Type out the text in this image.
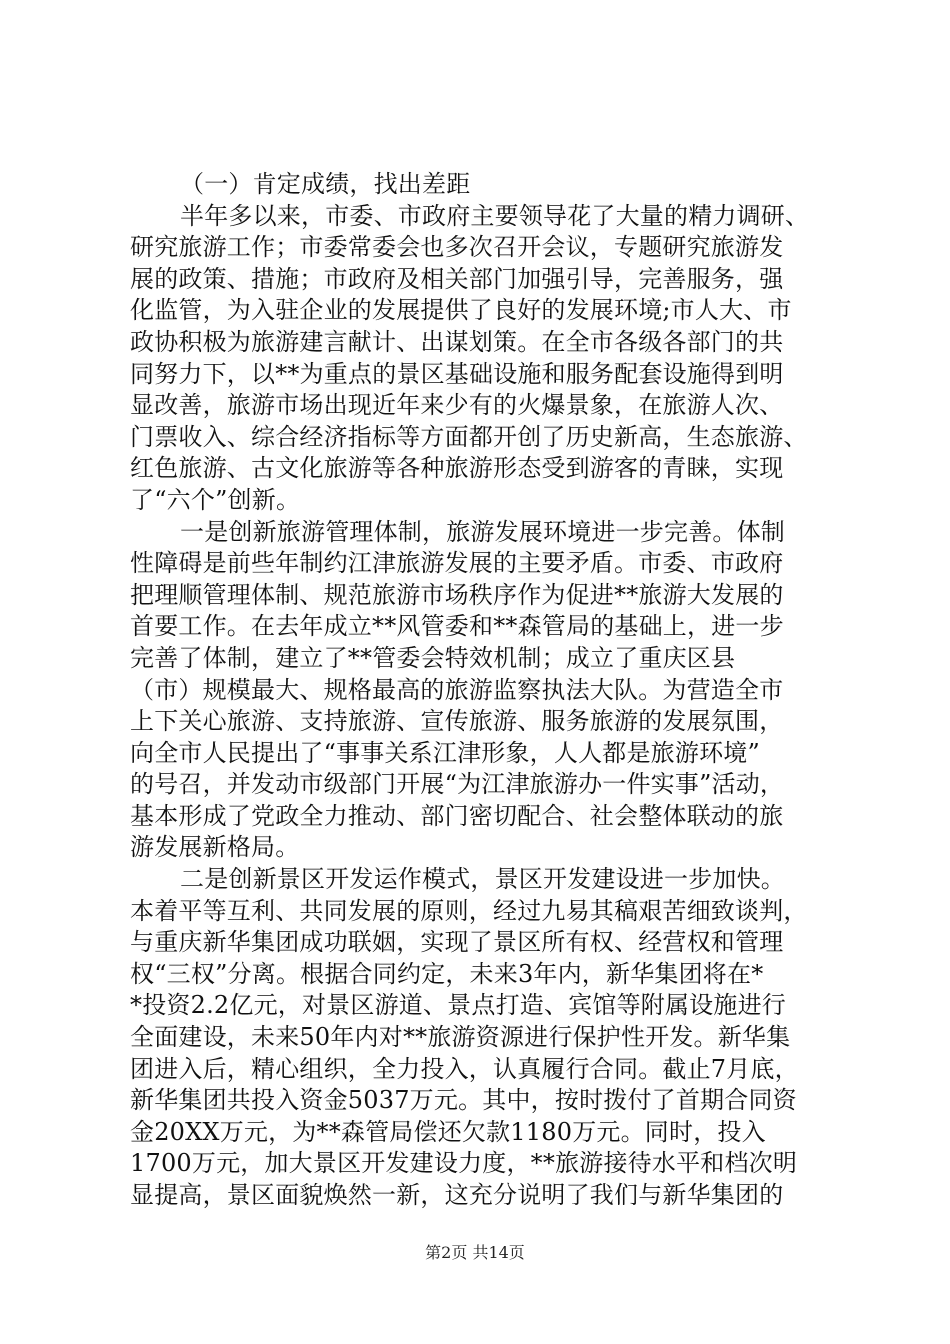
（一）肯定成绩，找出差距
半年多以来，市委、市政府主要领导花了大量的精力调研、
研究旅游工作；市委常委会也多次召开会议，专题研究旅游发
展的政策、措施；市政府及相关部门加强引导，完善服务，强
化监管，为入驻企业的发展提供了良好的发展环境;市人大、市
政协积极为旅游建言献计、出谋划策。在全市各级各部门的共
同努力下，以**为重点的景区基础设施和服务配套设施得到明
显改善，旅游市场出现近年来少有的火爆景象，在旅游人次、
门票收入、综合经济指标等方面都开创了历史新高，生态旅游、
红色旅游、古文化旅游等各种旅游形态受到游客的青睐，实现
了“六个”创新。
一是创新旅游管理体制，旅游发展环境进一步完善。体制
性障碍是前些年制约江津旅游发展的主要矛盾。市委、市政府
把理顺管理体制、规范旅游市场秩序作为促进**旅游大发展的
首要工作。在去年成立**风管委和**森管局的基础上，进一步
完善了体制，建立了**管委会特效机制；成立了重庆区县
（市）规模最大、规格最高的旅游监察执法大队。为营造全市
上下关心旅游、支持旅游、宣传旅游、服务旅游的发展氛围，
向全市人民提出了“事事关系江津形象，人人都是旅游环境”
的号召，并发动市级部门开展“为江津旅游办一件实事”活动，
基本形成了党政全力推动、部门密切配合、社会整体联动的旅
游发展新格局。
二是创新景区开发运作模式，景区开发建设进一步加快。
本着平等互利、共同发展的原则，经过九易其稿艰苦细致谈判，
与重庆新华集团成功联姻，实现了景区所有权、经营权和管理
权“三权”分离。根据合同约定，未来3年内，新华集团将在*
*投资2.2亿元，对景区游道、景点打造、宾馆等附属设施进行
全面建设，未来50年内对**旅游资源进行保护性开发。新华集
团进入后，精心组织，全力投入，认真履行合同。截止7月底，
新华集团共投入资金5037万元。其中，按时拨付了首期合同资
金20XX万元，为**森管局偿还欠款1180万元。同时，投入
1700万元，加大景区开发建设力度，**旅游接待水平和档次明
显提高，景区面貌焕然一新，这充分说明了我们与新华集团的
第2页 共14页
